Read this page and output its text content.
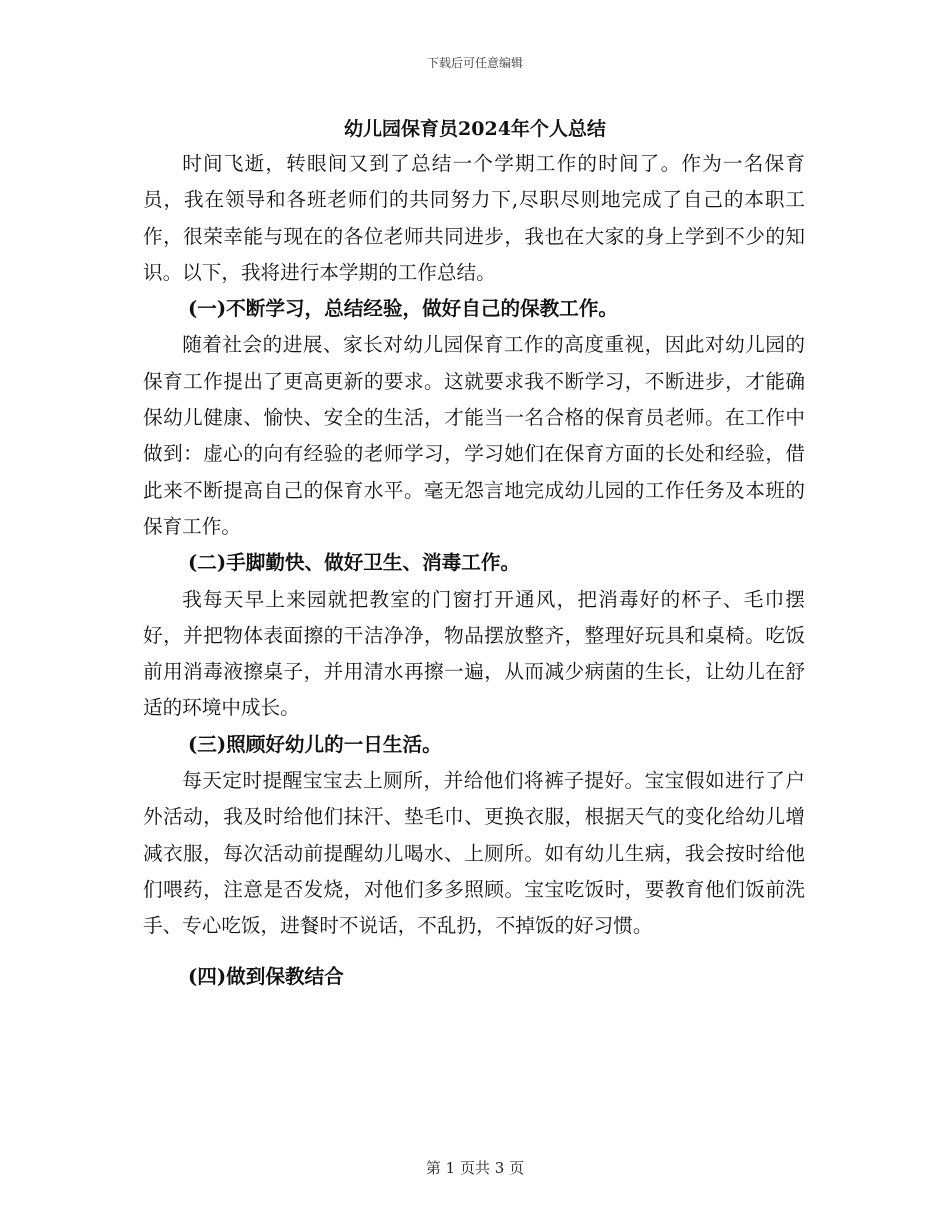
下载后可任意编辑
幼儿园保育员2024年个人总结

时间飞逝，转眼间又到了总结一个学期工作的时间了。作为一名保育员，我在领导和各班老师们的共同努力下,尽职尽则地完成了自己的本职工作，很荣幸能与现在的各位老师共同进步，我也在大家的身上学到不少的知识。以下，我将进行本学期的工作总结。

(一)不断学习，总结经验，做好自己的保教工作。

随着社会的进展、家长对幼儿园保育工作的高度重视，因此对幼儿园的保育工作提出了更高更新的要求。这就要求我不断学习，不断进步，才能确保幼儿健康、愉快、安全的生活，才能当一名合格的保育员老师。在工作中做到：虚心的向有经验的老师学习，学习她们在保育方面的长处和经验，借此来不断提高自己的保育水平。毫无怨言地完成幼儿园的工作任务及本班的保育工作。

(二)手脚勤快、做好卫生、消毒工作。

我每天早上来园就把教室的门窗打开通风，把消毒好的杯子、毛巾摆好，并把物体表面擦的干洁净净，物品摆放整齐，整理好玩具和桌椅。吃饭前用消毒液擦桌子，并用清水再擦一遍，从而减少病菌的生长，让幼儿在舒适的环境中成长。

(三)照顾好幼儿的一日生活。

每天定时提醒宝宝去上厕所，并给他们将裤子提好。宝宝假如进行了户外活动，我及时给他们抹汗、垫毛巾、更换衣服，根据天气的变化给幼儿增减衣服，每次活动前提醒幼儿喝水、上厕所。如有幼儿生病，我会按时给他们喂药，注意是否发烧，对他们多多照顾。宝宝吃饭时，要教育他们饭前洗手、专心吃饭，进餐时不说话，不乱扔，不掉饭的好习惯。

(四)做到保教结合

第 1 页共 3 页
